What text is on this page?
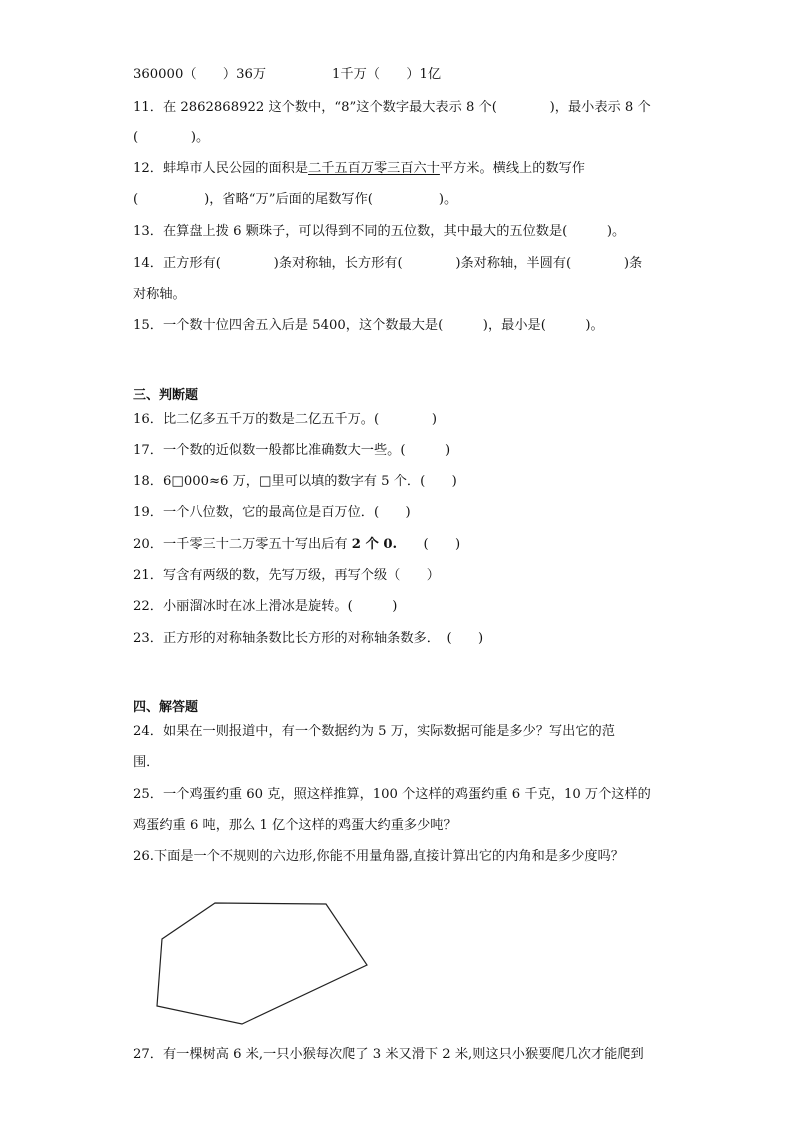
360000（　　）36万　　　　　1千万（　　）1亿
11．在 2862868922 这个数中，“8”这个数字最大表示 8 个(　　　　)，最小表示 8 个
(　　　　)。
12．蚌埠市人民公园的面积是二千五百万零三百六十平方米。横线上的数写作
(　　　　　)，省略“万”后面的尾数写作(　　　　　)。
13．在算盘上拨 6 颗珠子，可以得到不同的五位数，其中最大的五位数是(　　　)。
14．正方形有(　　　　)条对称轴，长方形有(　　　　)条对称轴，半圆有(　　　　)条
对称轴。
15．一个数十位四舍五入后是 5400，这个数最大是(　　　)，最小是(　　　)。
三、判断题
16．比二亿多五千万的数是二亿五千万。(　　　　)
17．一个数的近似数一般都比准确数大一些。(　　　)
18．6□000≈6 万，□里可以填的数字有 5 个．(　　)
19．一个八位数，它的最高位是百万位．(　　)
20．一千零三十二万零五十写出后有 2 个 0.　　(　　)
21．写含有两级的数，先写万级，再写个级（　　）
22．小丽溜冰时在冰上滑冰是旋转。(　　　)
23．正方形的对称轴条数比长方形的对称轴条数多．　(　　)
四、解答题
24．如果在一则报道中，有一个数据约为 5 万，实际数据可能是多少？写出它的范
围．
25．一个鸡蛋约重 60 克，照这样推算，100 个这样的鸡蛋约重 6 千克，10 万个这样的
鸡蛋约重 6 吨，那么 1 亿个这样的鸡蛋大约重多少吨？
26.下面是一个不规则的六边形,你能不用量角器,直接计算出它的内角和是多少度吗？
27．有一棵树高 6 米,一只小猴每次爬了 3 米又滑下 2 米,则这只小猴要爬几次才能爬到
